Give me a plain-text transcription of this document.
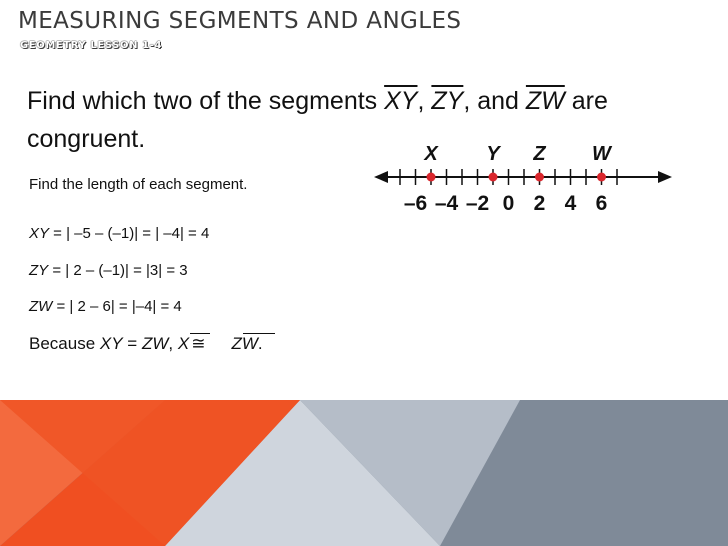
MEASURING SEGMENTS AND ANGLES
GEOMETRY LESSON 1-4
Find which two of the segments $\overline{XY}$, $\overline{ZY}$, and $\overline{ZW}$ are congruent.
Find the length of each segment.
XY = | –5 – (–1)| = | –4| = 4
ZY = | 2 – (–1)| = |3| = 3
ZW = | 2 – 6| = |–4| = 4
Because XY = ZW, X ≅ ZW.
–6 –4 –2 0 2 4 6
X Y Z W
